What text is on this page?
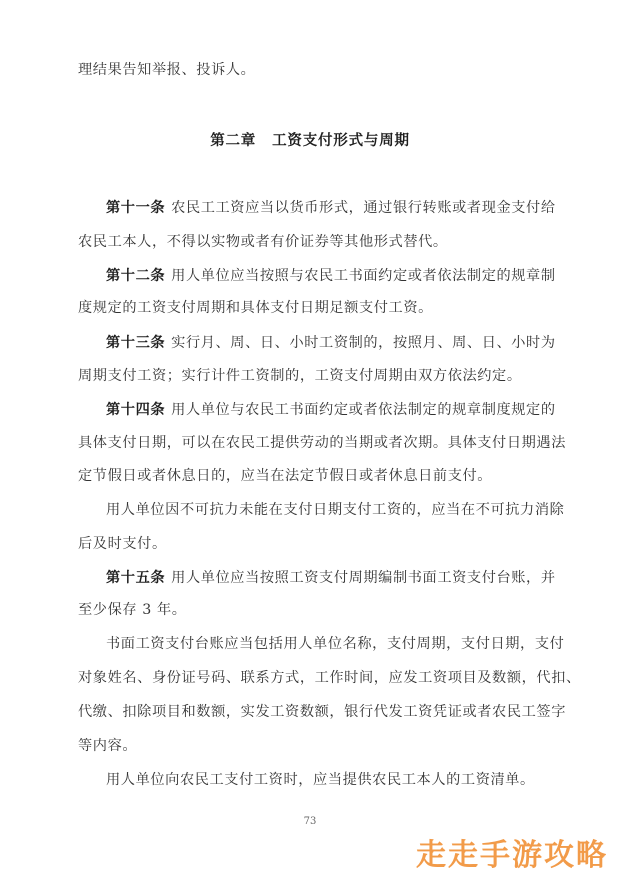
理结果告知举报、投诉人。
第二章 工资支付形式与周期
第十一条 农民工工资应当以货币形式，通过银行转账或者现金支付给
农民工本人，不得以实物或者有价证券等其他形式替代。
第十二条 用人单位应当按照与农民工书面约定或者依法制定的规章制
度规定的工资支付周期和具体支付日期足额支付工资。
第十三条 实行月、周、日、小时工资制的，按照月、周、日、小时为
周期支付工资；实行计件工资制的，工资支付周期由双方依法约定。
第十四条 用人单位与农民工书面约定或者依法制定的规章制度规定的
具体支付日期，可以在农民工提供劳动的当期或者次期。具体支付日期遇法
定节假日或者休息日的，应当在法定节假日或者休息日前支付。
用人单位因不可抗力未能在支付日期支付工资的，应当在不可抗力消除
后及时支付。
第十五条 用人单位应当按照工资支付周期编制书面工资支付台账，并
至少保存 3 年。
书面工资支付台账应当包括用人单位名称，支付周期，支付日期，支付
对象姓名、身份证号码、联系方式，工作时间，应发工资项目及数额，代扣、
代缴、扣除项目和数额，实发工资数额，银行代发工资凭证或者农民工签字
等内容。
用人单位向农民工支付工资时，应当提供农民工本人的工资清单。
73
走走手游攻略
